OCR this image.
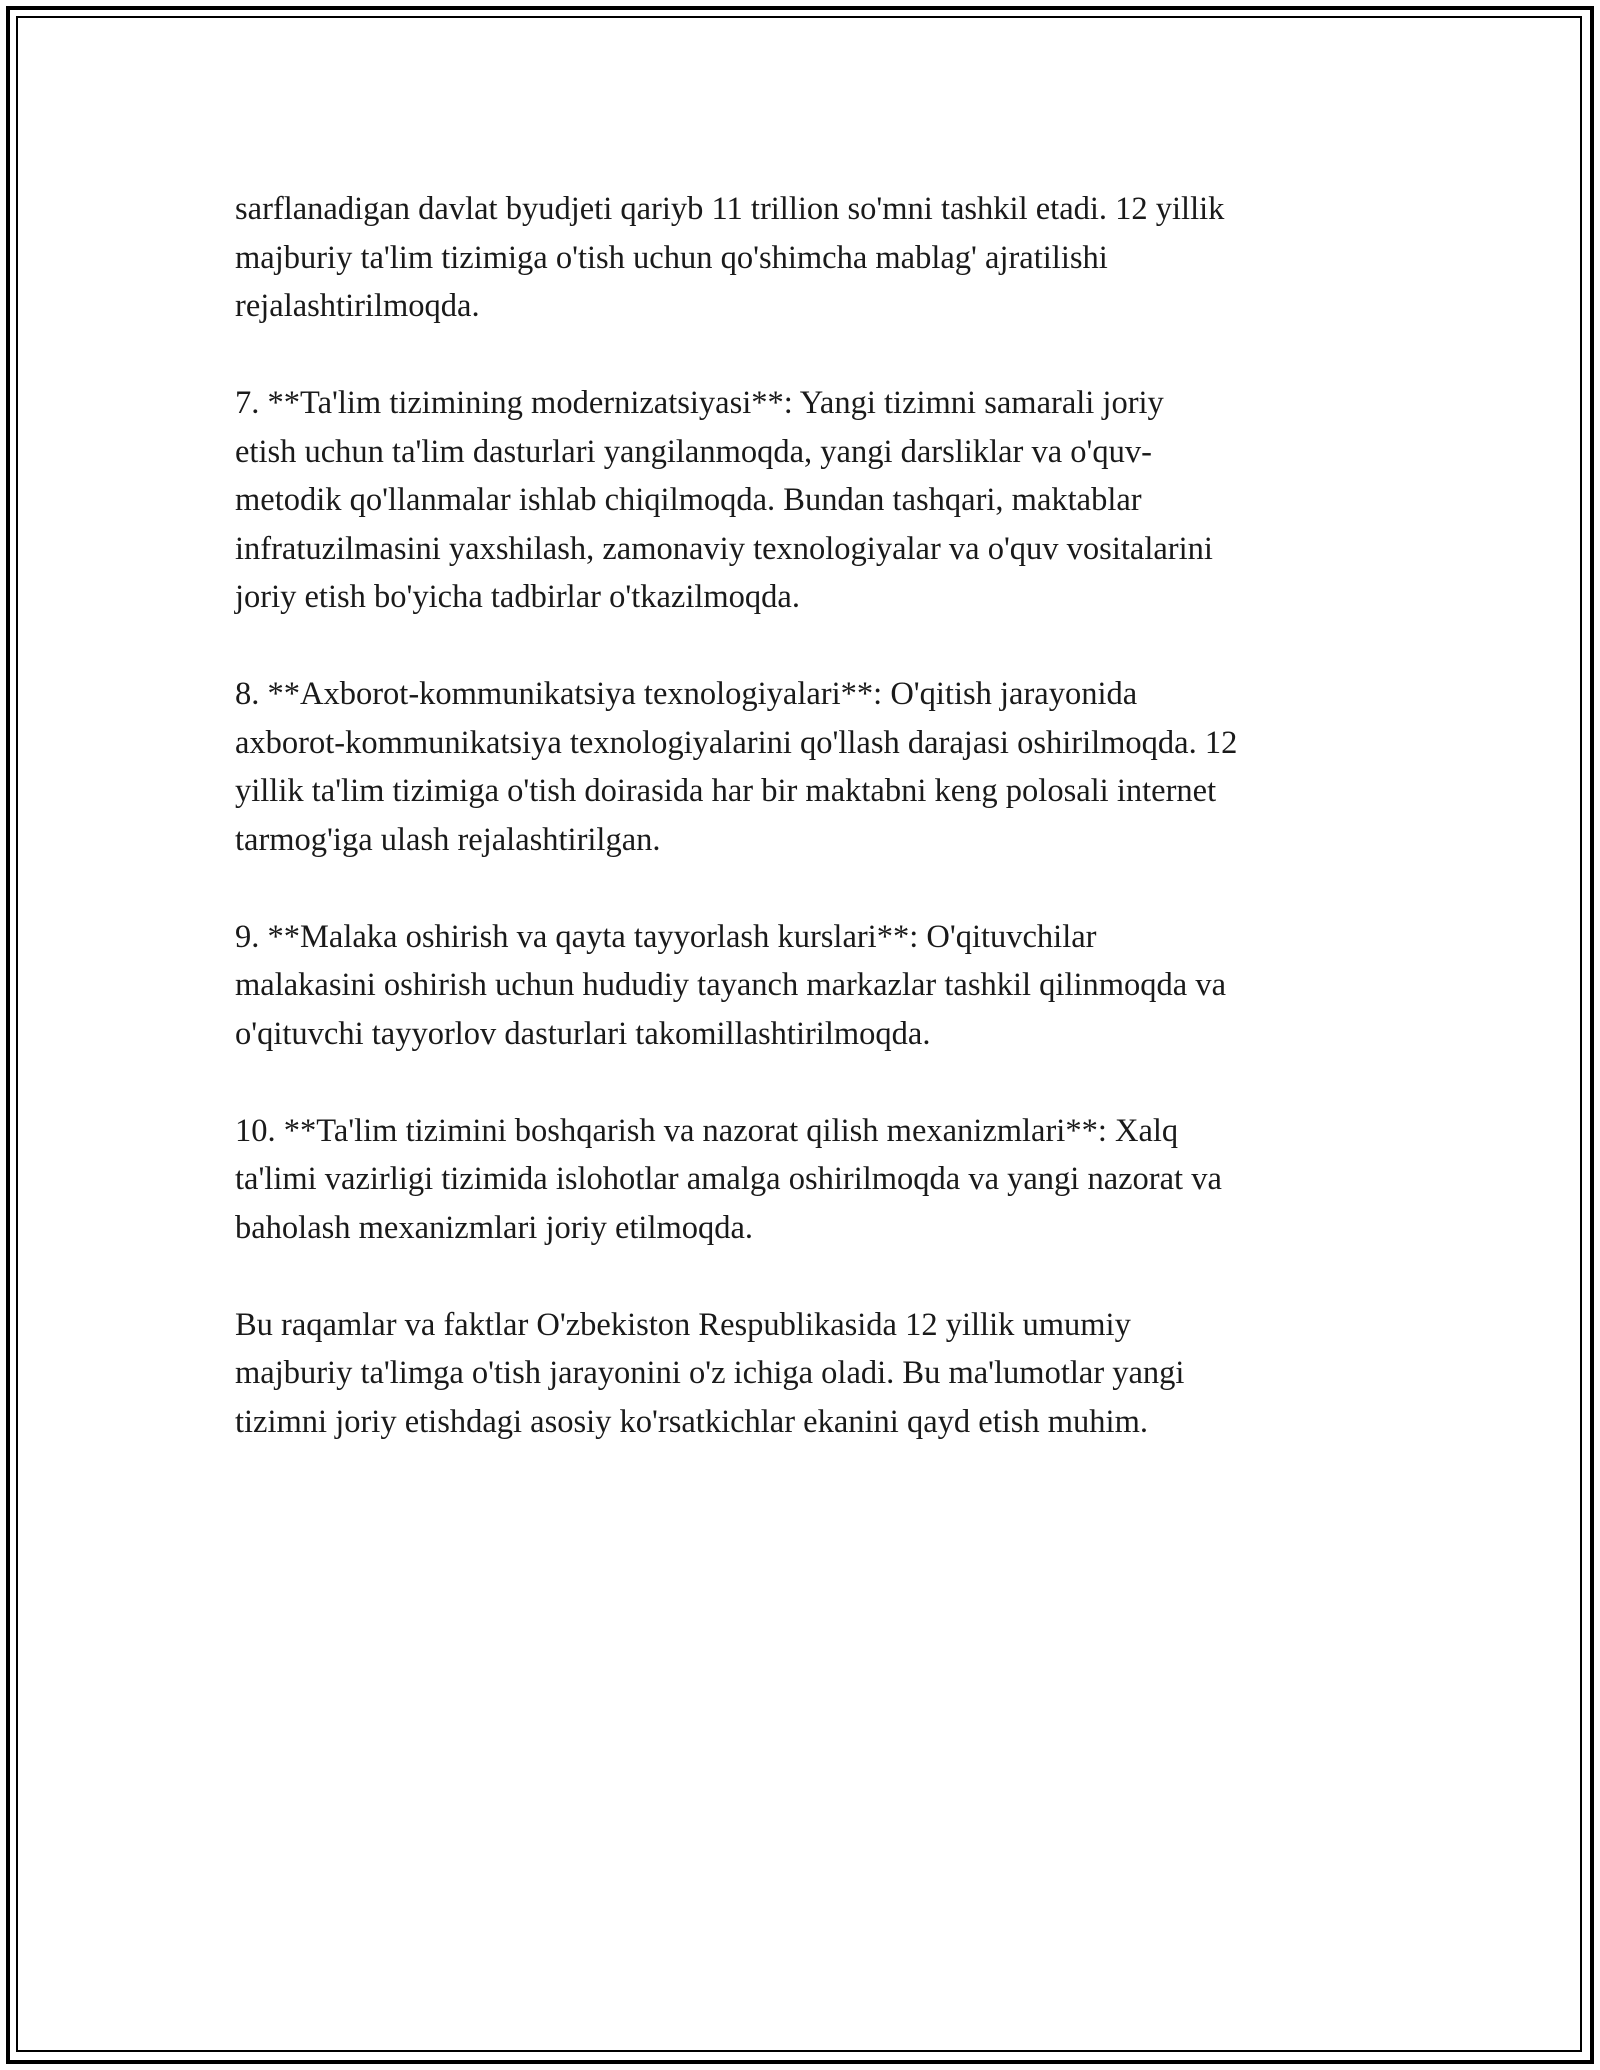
sarflanadigan davlat byudjeti qariyb 11 trillion so'mni tashkil etadi. 12 yillik
majburiy ta'lim tizimiga o'tish uchun qo'shimcha mablag' ajratilishi
rejalashtirilmoqda.

7. **Ta'lim tizimining modernizatsiyasi**: Yangi tizimni samarali joriy
etish uchun ta'lim dasturlari yangilanmoqda, yangi darsliklar va o'quv-
metodik qo'llanmalar ishlab chiqilmoqda. Bundan tashqari, maktablar
infratuzilmasini yaxshilash, zamonaviy texnologiyalar va o'quv vositalarini
joriy etish bo'yicha tadbirlar o'tkazilmoqda.

8. **Axborot-kommunikatsiya texnologiyalari**: O'qitish jarayonida
axborot-kommunikatsiya texnologiyalarini qo'llash darajasi oshirilmoqda. 12
yillik ta'lim tizimiga o'tish doirasida har bir maktabni keng polosali internet
tarmog'iga ulash rejalashtirilgan.

9. **Malaka oshirish va qayta tayyorlash kurslari**: O'qituvchilar
malakasini oshirish uchun hududiy tayanch markazlar tashkil qilinmoqda va
o'qituvchi tayyorlov dasturlari takomillashtirilmoqda.

10. **Ta'lim tizimini boshqarish va nazorat qilish mexanizmlari**: Xalq
ta'limi vazirligi tizimida islohotlar amalga oshirilmoqda va yangi nazorat va
baholash mexanizmlari joriy etilmoqda.

Bu raqamlar va faktlar O'zbekiston Respublikasida 12 yillik umumiy
majburiy ta'limga o'tish jarayonini o'z ichiga oladi. Bu ma'lumotlar yangi
tizimni joriy etishdagi asosiy ko'rsatkichlar ekanini qayd etish muhim.
